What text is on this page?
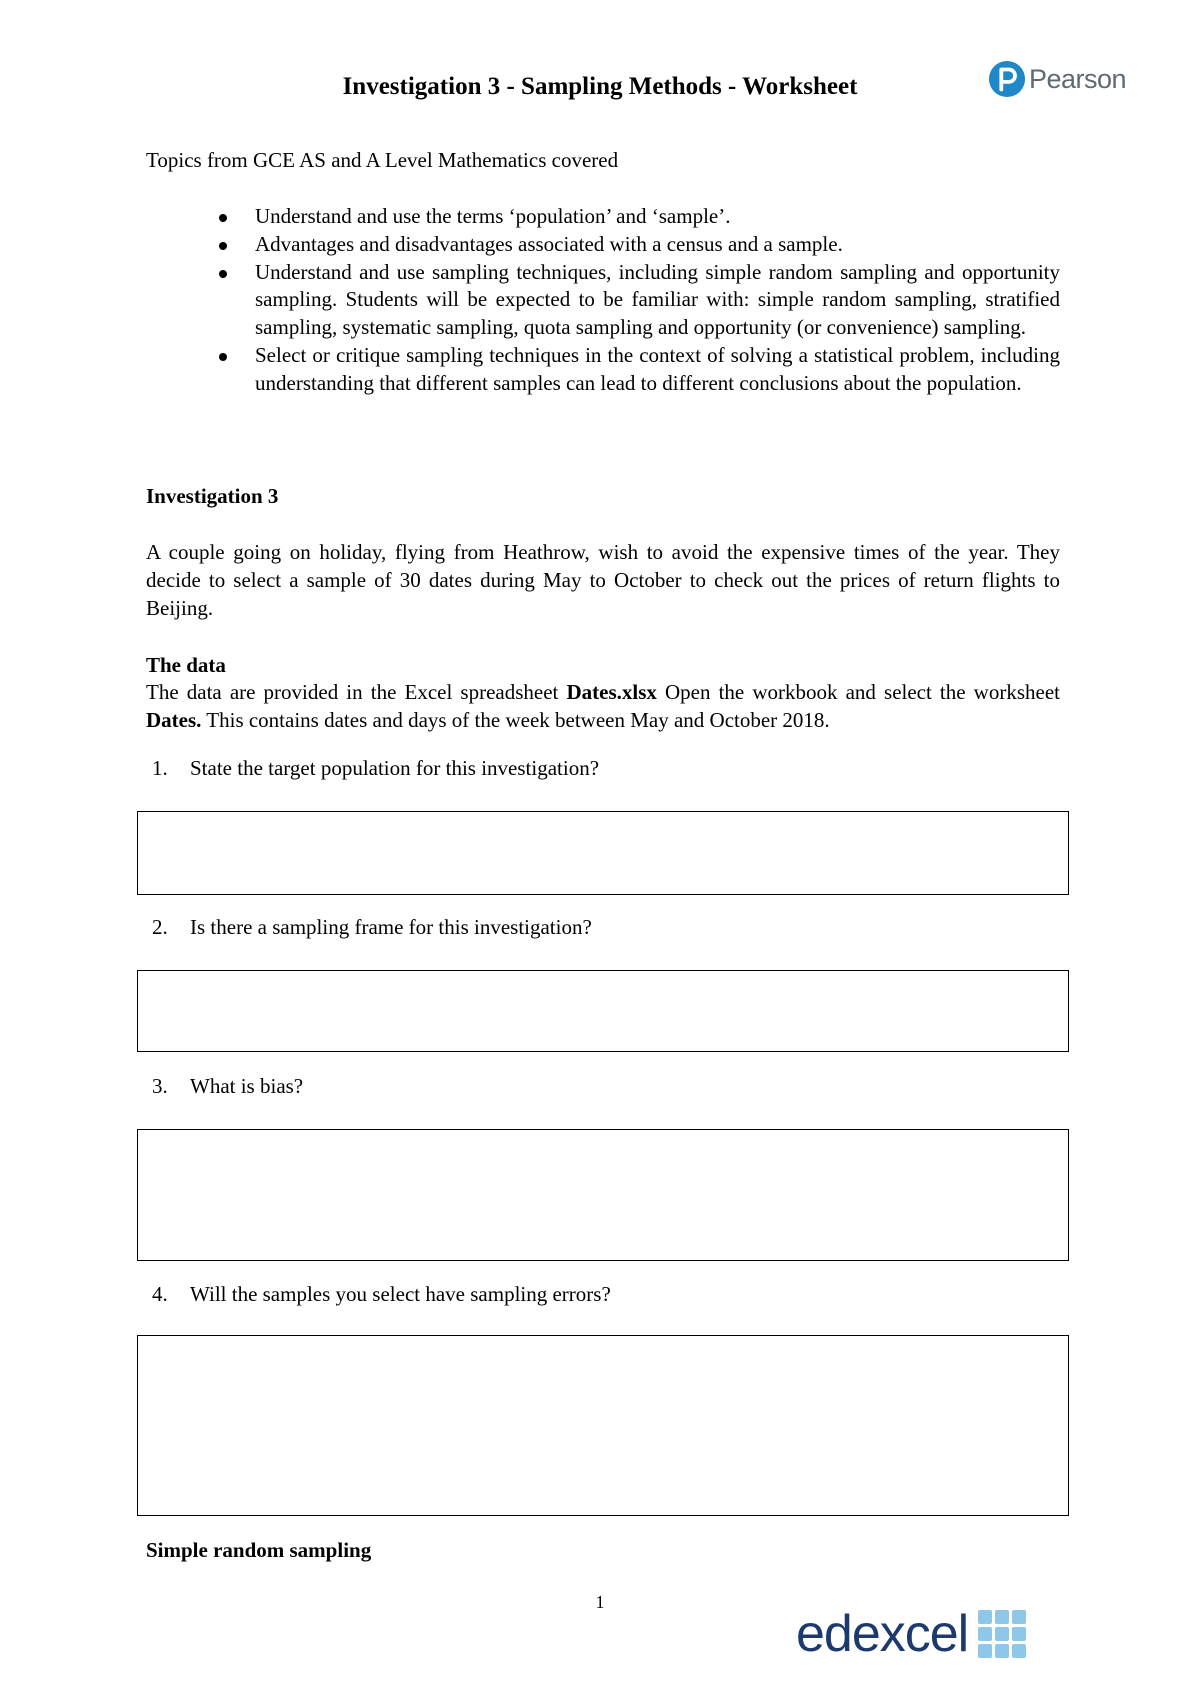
Investigation 3 - Sampling Methods - Worksheet	Pearson

Topics from GCE AS and A Level Mathematics covered

Understand and use the terms ‘population’ and ‘sample’.
Advantages and disadvantages associated with a census and a sample.
Understand and use sampling techniques, including simple random sampling and opportunity sampling. Students will be expected to be familiar with: simple random sampling, stratified sampling, systematic sampling, quota sampling and opportunity (or convenience) sampling.
Select or critique sampling techniques in the context of solving a statistical problem, including understanding that different samples can lead to different conclusions about the population.

Investigation 3

A couple going on holiday, flying from Heathrow, wish to avoid the expensive times of the year. They decide to select a sample of 30 dates during May to October to check out the prices of return flights to Beijing.

The data

The data are provided in the Excel spreadsheet Dates.xlsx Open the workbook and select the worksheet Dates. This contains dates and days of the week between May and October 2018.

1. State the target population for this investigation?
2. Is there a sampling frame for this investigation?
3. What is bias?
4. Will the samples you select have sampling errors?
Simple random sampling
1
edexcel
